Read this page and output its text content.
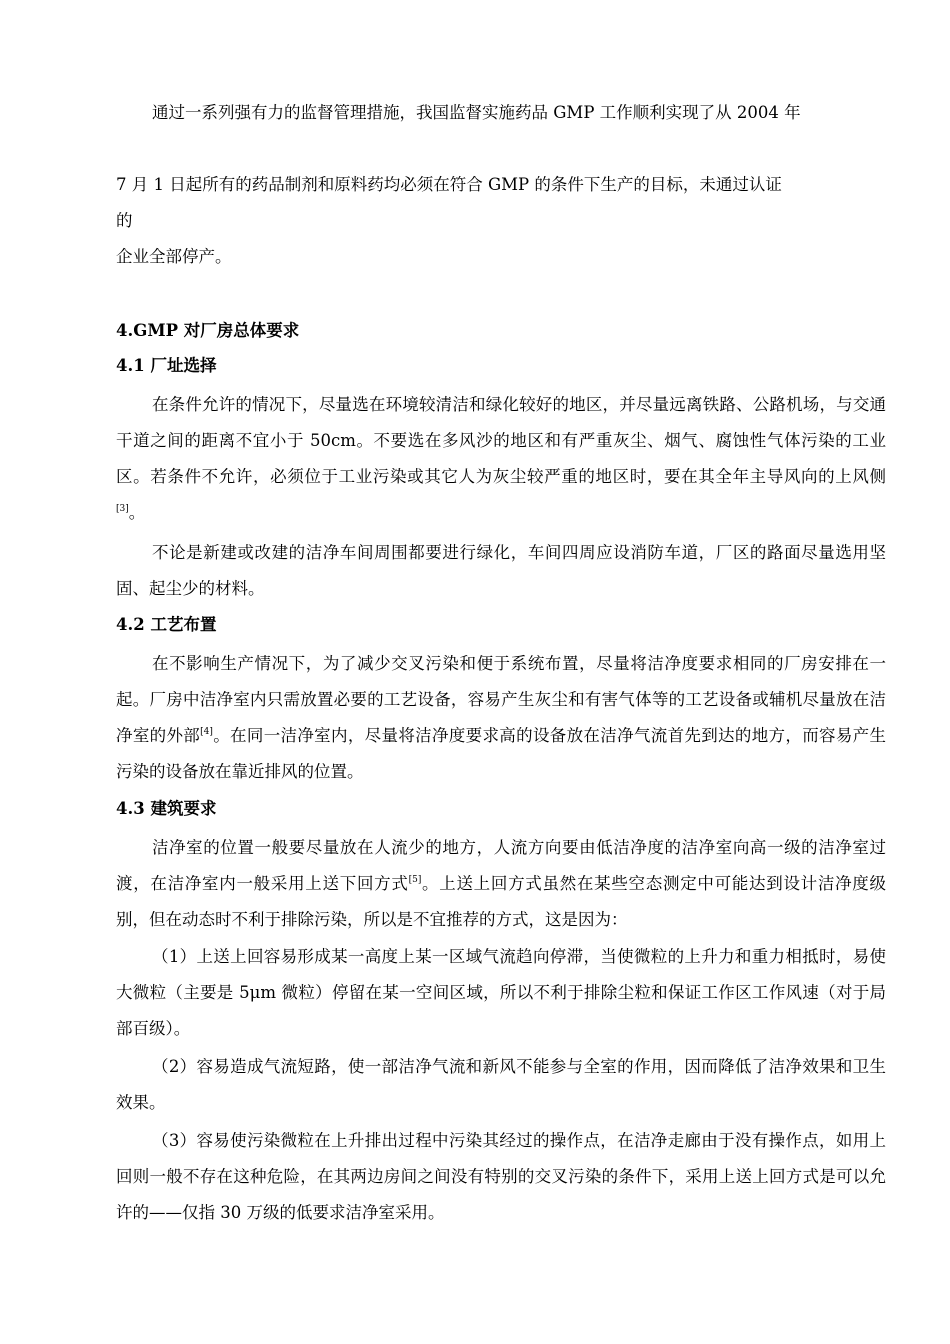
通过一系列强有力的监督管理措施，我国监督实施药品 GMP 工作顺利实现了从 2004 年
7 月 1 日起所有的药品制剂和原料药均必须在符合 GMP 的条件下生产的目标，未通过认证
的
企业全部停产。
4.GMP 对厂房总体要求
4.1 厂址选择

在条件允许的情况下，尽量选在环境较清洁和绿化较好的地区，并尽量远离铁路、公路机场，与交通干道之间的距离不宜小于 50cm。不要选在多风沙的地区和有严重灰尘、烟气、腐蚀性气体污染的工业区。若条件不允许，必须位于工业污染或其它人为灰尘较严重的地区时，要在其全年主导风向的上风侧[3]。

不论是新建或改建的洁净车间周围都要进行绿化，车间四周应设消防车道，厂区的路面尽量选用坚固、起尘少的材料。

4.2 工艺布置

在不影响生产情况下，为了减少交叉污染和便于系统布置，尽量将洁净度要求相同的厂房安排在一起。厂房中洁净室内只需放置必要的工艺设备，容易产生灰尘和有害气体等的工艺设备或辅机尽量放在洁净室的外部[4]。在同一洁净室内，尽量将洁净度要求高的设备放在洁净气流首先到达的地方，而容易产生污染的设备放在靠近排风的位置。

4.3 建筑要求

洁净室的位置一般要尽量放在人流少的地方，人流方向要由低洁净度的洁净室向高一级的洁净室过渡，在洁净室内一般采用上送下回方式[5]。上送上回方式虽然在某些空态测定中可能达到设计洁净度级别，但在动态时不利于排除污染，所以是不宜推荐的方式，这是因为：

（1）上送上回容易形成某一高度上某一区域气流趋向停滞，当使微粒的上升力和重力相抵时，易使大微粒（主要是 5μm 微粒）停留在某一空间区域，所以不利于排除尘粒和保证工作区工作风速（对于局部百级）。

（2）容易造成气流短路，使一部洁净气流和新风不能参与全室的作用，因而降低了洁净效果和卫生效果。

（3）容易使污染微粒在上升排出过程中污染其经过的操作点，在洁净走廊由于没有操作点，如用上回则一般不存在这种危险，在其两边房间之间没有特别的交叉污染的条件下，采用上送上回方式是可以允许的——仅指 30 万级的低要求洁净室采用。
